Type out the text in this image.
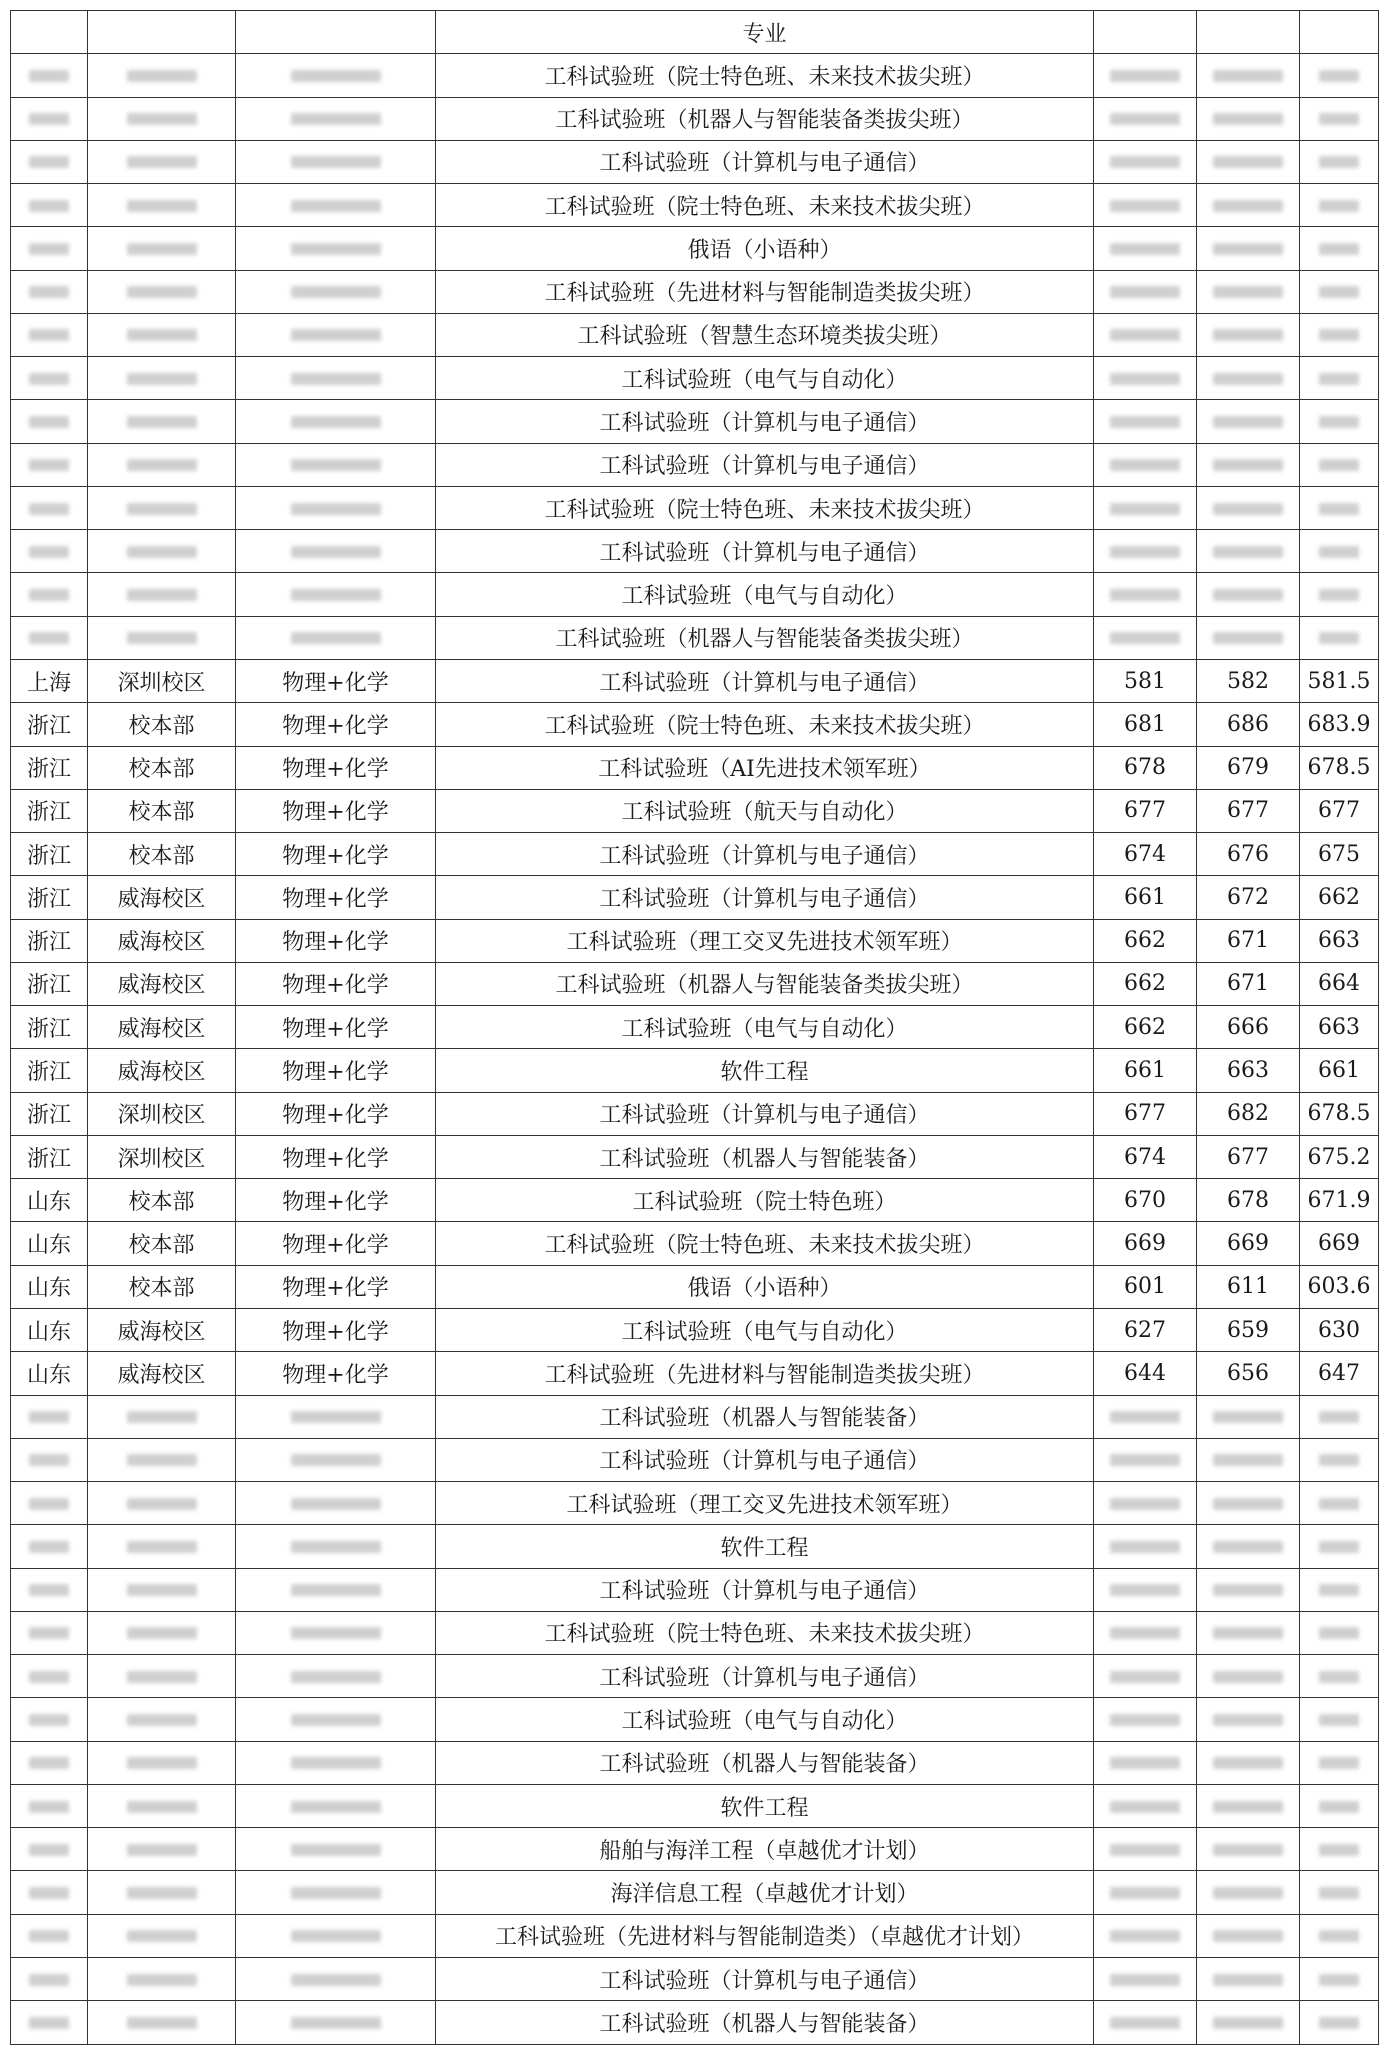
			专业			
			工科试验班（院士特色班、未来技术拔尖班）			
			工科试验班（机器人与智能装备类拔尖班）			
			工科试验班（计算机与电子通信）			
			工科试验班（院士特色班、未来技术拔尖班）			
			俄语（小语种）			
			工科试验班（先进材料与智能制造类拔尖班）			
			工科试验班（智慧生态环境类拔尖班）			
			工科试验班（电气与自动化）			
			工科试验班（计算机与电子通信）			
			工科试验班（计算机与电子通信）			
			工科试验班（院士特色班、未来技术拔尖班）			
			工科试验班（计算机与电子通信）			
			工科试验班（电气与自动化）			
			工科试验班（机器人与智能装备类拔尖班）			
上海	深圳校区	物理+化学	工科试验班（计算机与电子通信）	581	582	581.5
浙江	校本部	物理+化学	工科试验班（院士特色班、未来技术拔尖班）	681	686	683.9
浙江	校本部	物理+化学	工科试验班（AI先进技术领军班）	678	679	678.5
浙江	校本部	物理+化学	工科试验班（航天与自动化）	677	677	677
浙江	校本部	物理+化学	工科试验班（计算机与电子通信）	674	676	675
浙江	威海校区	物理+化学	工科试验班（计算机与电子通信）	661	672	662
浙江	威海校区	物理+化学	工科试验班（理工交叉先进技术领军班）	662	671	663
浙江	威海校区	物理+化学	工科试验班（机器人与智能装备类拔尖班）	662	671	664
浙江	威海校区	物理+化学	工科试验班（电气与自动化）	662	666	663
浙江	威海校区	物理+化学	软件工程	661	663	661
浙江	深圳校区	物理+化学	工科试验班（计算机与电子通信）	677	682	678.5
浙江	深圳校区	物理+化学	工科试验班（机器人与智能装备）	674	677	675.2
山东	校本部	物理+化学	工科试验班（院士特色班）	670	678	671.9
山东	校本部	物理+化学	工科试验班（院士特色班、未来技术拔尖班）	669	669	669
山东	校本部	物理+化学	俄语（小语种）	601	611	603.6
山东	威海校区	物理+化学	工科试验班（电气与自动化）	627	659	630
山东	威海校区	物理+化学	工科试验班（先进材料与智能制造类拔尖班）	644	656	647
			工科试验班（机器人与智能装备）			
			工科试验班（计算机与电子通信）			
			工科试验班（理工交叉先进技术领军班）			
			软件工程			
			工科试验班（计算机与电子通信）			
			工科试验班（院士特色班、未来技术拔尖班）			
			工科试验班（计算机与电子通信）			
			工科试验班（电气与自动化）			
			工科试验班（机器人与智能装备）			
			软件工程			
			船舶与海洋工程（卓越优才计划）			
			海洋信息工程（卓越优才计划）			
			工科试验班（先进材料与智能制造类）（卓越优才计划）			
			工科试验班（计算机与电子通信）			
			工科试验班（机器人与智能装备）			
